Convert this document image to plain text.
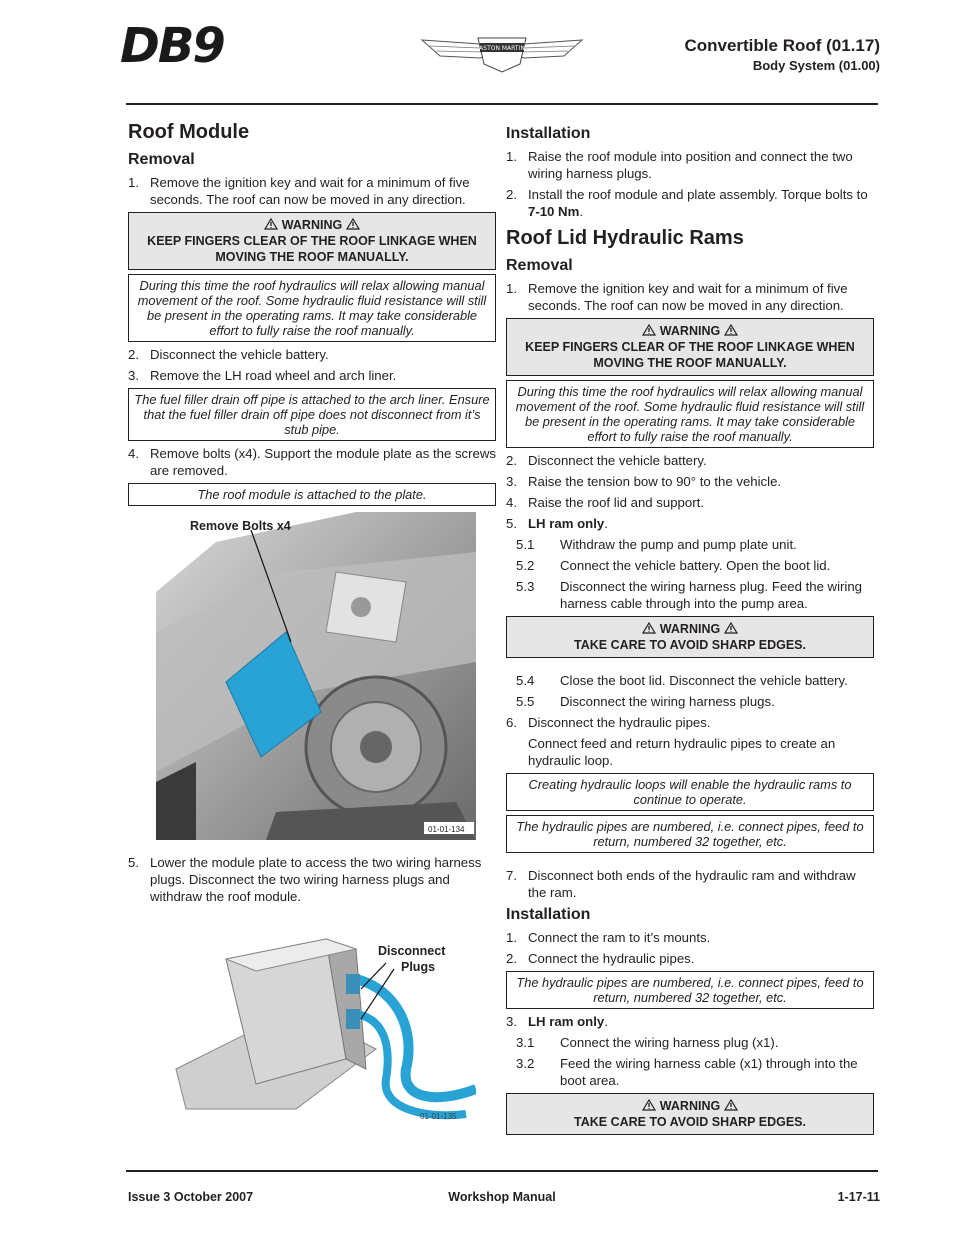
DB9	ASTON MARTIN	Convertible Roof (01.17)
Body System (01.00)
Roof Module
Removal
1. Remove the ignition key and wait for a minimum of five seconds. The roof can now be moved in any direction.
WARNING
KEEP FINGERS CLEAR OF THE ROOF LINKAGE WHEN MOVING THE ROOF MANUALLY.
During this time the roof hydraulics will relax allowing manual movement of the roof. Some hydraulic fluid resistance will still be present in the operating rams. It may take considerable effort to fully raise the roof manually.
2. Disconnect the vehicle battery.
3. Remove the LH road wheel and arch liner.
The fuel filler drain off pipe is attached to the arch liner. Ensure that the fuel filler drain off pipe does not disconnect from it’s stub pipe.
4. Remove bolts (x4). Support the module plate as the screws are removed.
The roof module is attached to the plate.
Remove Bolts x4
01-01-134
5. Lower the module plate to access the two wiring harness plugs. Disconnect the two wiring harness plugs and withdraw the roof module.
Disconnect
Plugs
01-01-135
Installation
1. Raise the roof module into position and connect the two wiring harness plugs.
2. Install the roof module and plate assembly. Torque bolts to 7-10 Nm.
Roof Lid Hydraulic Rams
Removal
1. Remove the ignition key and wait for a minimum of five seconds. The roof can now be moved in any direction.
WARNING
KEEP FINGERS CLEAR OF THE ROOF LINKAGE WHEN MOVING THE ROOF MANUALLY.
During this time the roof hydraulics will relax allowing manual movement of the roof. Some hydraulic fluid resistance will still be present in the operating rams. It may take considerable effort to fully raise the roof manually.
2. Disconnect the vehicle battery.
3. Raise the tension bow to 90° to the vehicle.
4. Raise the roof lid and support.
5. LH ram only.
5.1 Withdraw the pump and pump plate unit.
5.2 Connect the vehicle battery. Open the boot lid.
5.3 Disconnect the wiring harness plug. Feed the wiring harness cable through into the pump area.
WARNING
TAKE CARE TO AVOID SHARP EDGES.
5.4 Close the boot lid. Disconnect the vehicle battery.
5.5 Disconnect the wiring harness plugs.
6. Disconnect the hydraulic pipes.
Connect feed and return hydraulic pipes to create an hydraulic loop.
Creating hydraulic loops will enable the hydraulic rams to continue to operate.
The hydraulic pipes are numbered, i.e. connect pipes, feed to return, numbered 32 together, etc.
7. Disconnect both ends of the hydraulic ram and withdraw the ram.
Installation
1. Connect the ram to it’s mounts.
2. Connect the hydraulic pipes.
The hydraulic pipes are numbered, i.e. connect pipes, feed to return, numbered 32 together, etc.
3. LH ram only.
3.1 Connect the wiring harness plug (x1).
3.2 Feed the wiring harness cable (x1) through into the boot area.
WARNING
TAKE CARE TO AVOID SHARP EDGES.
Issue 3 October 2007	Workshop Manual	1-17-11
